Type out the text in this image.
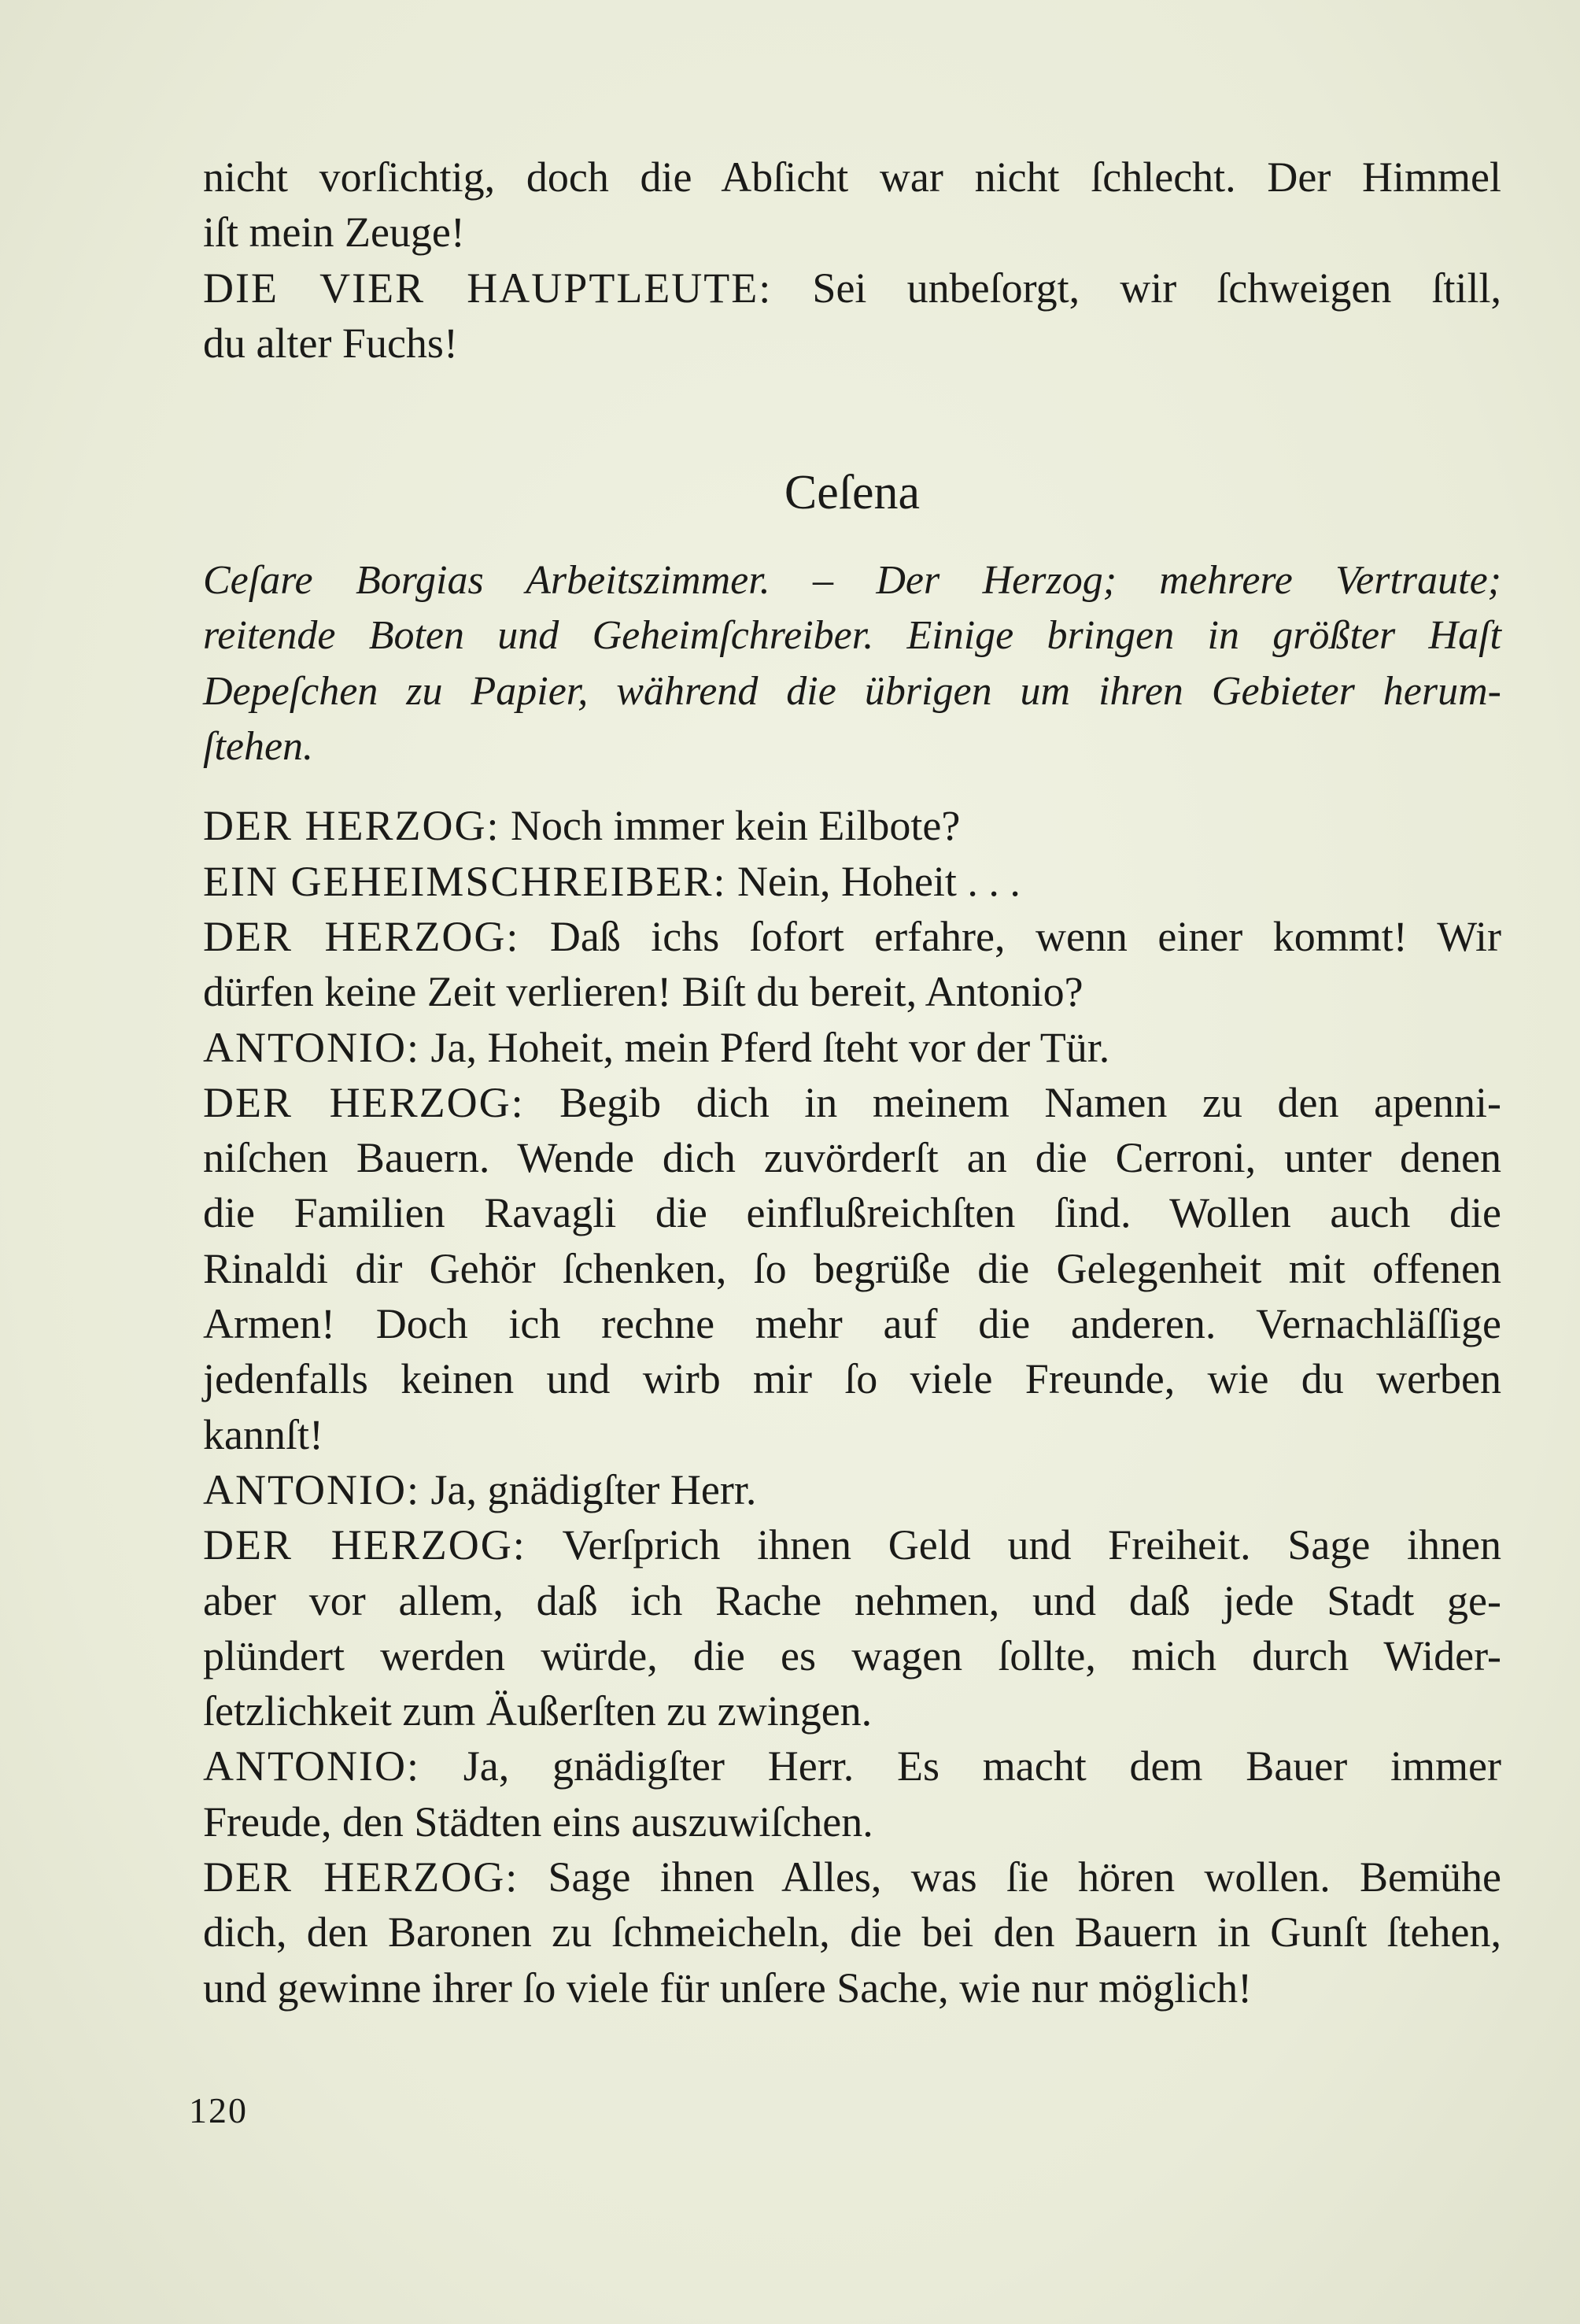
nicht vorſichtig, doch die Abſicht war nicht ſchlecht. Der Himmel
iſt mein Zeuge!
DIE VIER HAUPTLEUTE: Sei unbeſorgt, wir ſchweigen ſtill,
du alter Fuchs!
Ceſena
Ceſare Borgias Arbeitszimmer. – Der Herzog; mehrere Vertraute;
reitende Boten und Geheimſchreiber. Einige bringen in größter Haſt
Depeſchen zu Papier, während die übrigen um ihren Gebieter herum-
ſtehen.
DER HERZOG: Noch immer kein Eilbote?
EIN GEHEIMSCHREIBER: Nein, Hoheit . . .
DER HERZOG: Daß ichs ſofort erfahre, wenn einer kommt! Wir
dürfen keine Zeit verlieren! Biſt du bereit, Antonio?
ANTONIO: Ja, Hoheit, mein Pferd ſteht vor der Tür.
DER HERZOG: Begib dich in meinem Namen zu den apenni-
niſchen Bauern. Wende dich zuvörderſt an die Cerroni, unter denen
die Familien Ravagli die einflußreichſten ſind. Wollen auch die
Rinaldi dir Gehör ſchenken, ſo begrüße die Gelegenheit mit offenen
Armen! Doch ich rechne mehr auf die anderen. Vernachläſſige
jedenfalls keinen und wirb mir ſo viele Freunde, wie du werben
kannſt!
ANTONIO: Ja, gnädigſter Herr.
DER HERZOG: Verſprich ihnen Geld und Freiheit. Sage ihnen
aber vor allem, daß ich Rache nehmen, und daß jede Stadt ge-
plündert werden würde, die es wagen ſollte, mich durch Wider-
ſetzlichkeit zum Äußerſten zu zwingen.
ANTONIO: Ja, gnädigſter Herr. Es macht dem Bauer immer
Freude, den Städten eins auszuwiſchen.
DER HERZOG: Sage ihnen Alles, was ſie hören wollen. Bemühe
dich, den Baronen zu ſchmeicheln, die bei den Bauern in Gunſt ſtehen,
und gewinne ihrer ſo viele für unſere Sache, wie nur möglich!
120
